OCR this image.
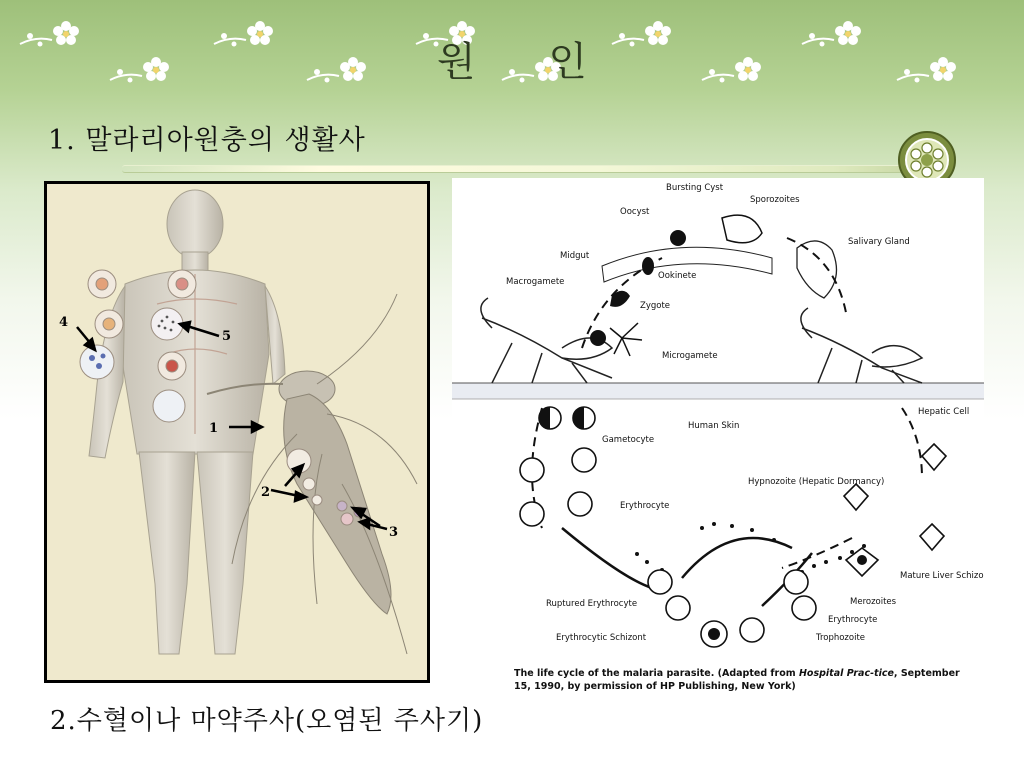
원 인
1. 말라리아원충의 생활사
4
5
1
2
3
Bursting Cyst
Sporozoites
Oocyst
Midgut
Salivary Gland
Ookinete
Macrogamete
Zygote
Microgamete
Human Skin
Hepatic Cell
Gametocyte
Hypnozoite (Hepatic Dormancy)
Erythrocyte
Mature Liver Schizont
Merozoites
Ruptured Erythrocyte
Erythrocyte
Erythrocytic Schizont	Trophozoite
The life cycle of the malaria parasite. (Adapted from Hospital Prac-tice, September 15, 1990, by permission of HP Publishing, New York)
2.수혈이나 마약주사(오염된 주사기)
